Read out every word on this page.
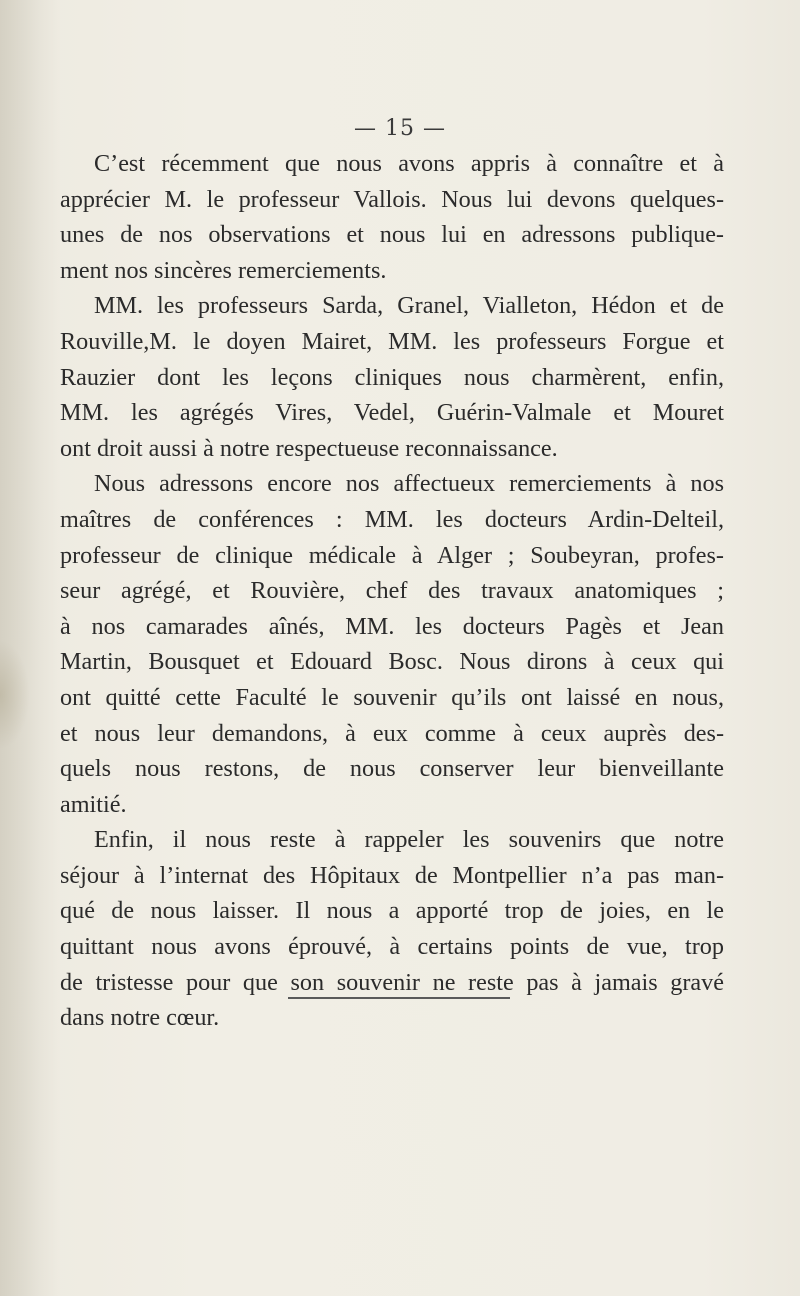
— 15 —
C’est récemment que nous avons appris à connaître et à
apprécier M. le professeur Vallois. Nous lui devons quelques-
unes de nos observations et nous lui en adressons publique-
ment nos sincères remerciements.
MM. les professeurs Sarda, Granel, Vialleton, Hédon et de
Rouville,M. le doyen Mairet, MM. les professeurs Forgue et
Rauzier dont les leçons cliniques nous charmèrent, enfin,
MM. les agrégés Vires, Vedel, Guérin-Valmale et Mouret
ont droit aussi à notre respectueuse reconnaissance.
Nous adressons encore nos affectueux remerciements à nos
maîtres de conférences : MM. les docteurs Ardin-Delteil,
professeur de clinique médicale à Alger ; Soubeyran, profes-
seur agrégé, et Rouvière, chef des travaux anatomiques ;
à nos camarades aînés, MM. les docteurs Pagès et Jean
Martin, Bousquet et Edouard Bosc. Nous dirons à ceux qui
ont quitté cette Faculté le souvenir qu’ils ont laissé en nous,
et nous leur demandons, à eux comme à ceux auprès des-
quels nous restons, de nous conserver leur bienveillante
amitié.
Enfin, il nous reste à rappeler les souvenirs que notre
séjour à l’internat des Hôpitaux de Montpellier n’a pas man-
qué de nous laisser. Il nous a apporté trop de joies, en le
quittant nous avons éprouvé, à certains points de vue, trop
de tristesse pour que son souvenir ne reste pas à jamais gravé
dans notre cœur.
